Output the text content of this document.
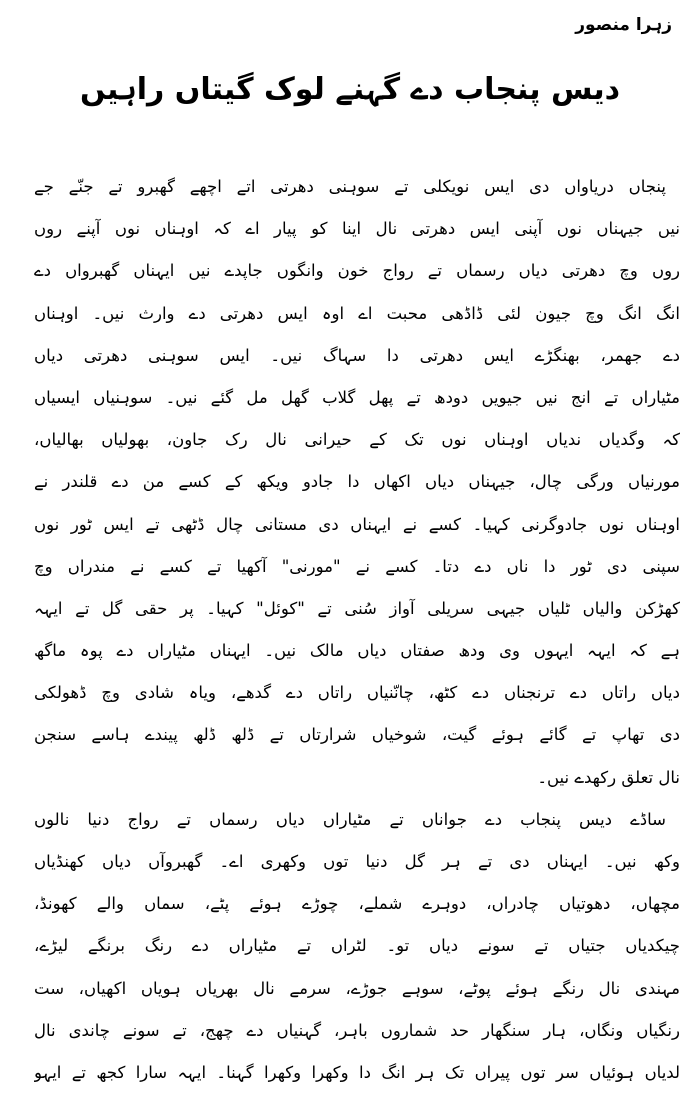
زہرا منصور
دیس پنجاب دے گہنے لوک گیتاں راہیں
پنجاں دریاواں دی ایس نویکلی تے سوہنی دھرتی اتے اچھے گھبرو تے جنّے جے
نیں جیہناں نوں آپنی ایس دھرتی نال اینا کو پیار اے کہ اوہناں نوں آپنے روں
روں وچ دھرتی دیاں رسماں تے رواج خون وانگوں جاپدے نیں ایہناں گھبرواں دے
انگ انگ وچ جیون لئی ڈاڈھی محبت اے اوہ ایس دھرتی دے وارث نیں۔ اوہناں
دے جھمر، بھنگڑے ایس دھرتی دا سہاگ نیں۔ ایس سوہنی دھرتی دیاں
مٹیاراں تے انج نیں جیویں دودھ تے پھل گلاب گھل مل گئے نیں۔ سوہنیاں ایسیاں
کہ وگدیاں ندیاں اوہناں نوں تک کے حیرانی نال رک جاون، بھولیاں بھالیاں،
مورنیاں ورگی چال، جیہناں دیاں اکھاں دا جادو ویکھ کے کسے من دے قلندر نے
اوہناں نوں جادوگرنی کہیا۔ کسے نے ایہناں دی مستانی چال ڈٹھی تے ایس ٹور نوں
سپنی دی ٹور دا ناں دے دتا۔ کسے نے "مورنی" آکھیا تے کسے نے مندراں وچ
کھڑکن والیاں ٹلیاں جیہی سریلی آواز سُنی تے "کوئل" کہیا۔ پر حقی گل تے ایہہ
ہے کہ ایہہ ایہوں وی ودھ صفتاں دیاں مالک نیں۔ ایہناں مٹیاراں دے پوہ ماگھ
دیاں راتاں دے ترنجناں دے کٹھ، چانّنیاں راتاں دے گدھے، ویاہ شادی وچ ڈھولکی
دی تھاپ تے گائے ہوئے گیت، شوخیاں شرارتاں تے ڈلھ ڈلھ پیندے ہاسے سنجن
نال تعلق رکھدے نیں۔
ساڈے دیس پنجاب دے جواناں تے مٹیاراں دیاں رسماں تے رواج دنیا نالوں
وکھ نیں۔ ایہناں دی تے ہر گل دنیا توں وکھری اے۔ گھبروآں دیاں کھنڈیاں
مچھاں، دھوتیاں چادراں، دوہرے شملے، چوڑے ہوئے پٹے، سماں والے کھونڈ،
چیکدیاں جتیاں تے سونے دیاں تو۔ لٹراں تے مٹیاراں دے رنگ برنگے لیڑے،
مہندی نال رنگے ہوئے پوٹے، سوہے جوڑے، سرمے نال بھریاں ہویاں اکھیاں، ست
رنگیاں ونگاں، ہار سنگھار حد شماروں باہر، گہنیاں دے چھج، تے سونے چاندی نال
لدیاں ہوئیاں سر توں پیراں تک ہر انگ دا وکھرا وکھرا گہنا۔ ایہہ سارا کجھ تے ایہو
